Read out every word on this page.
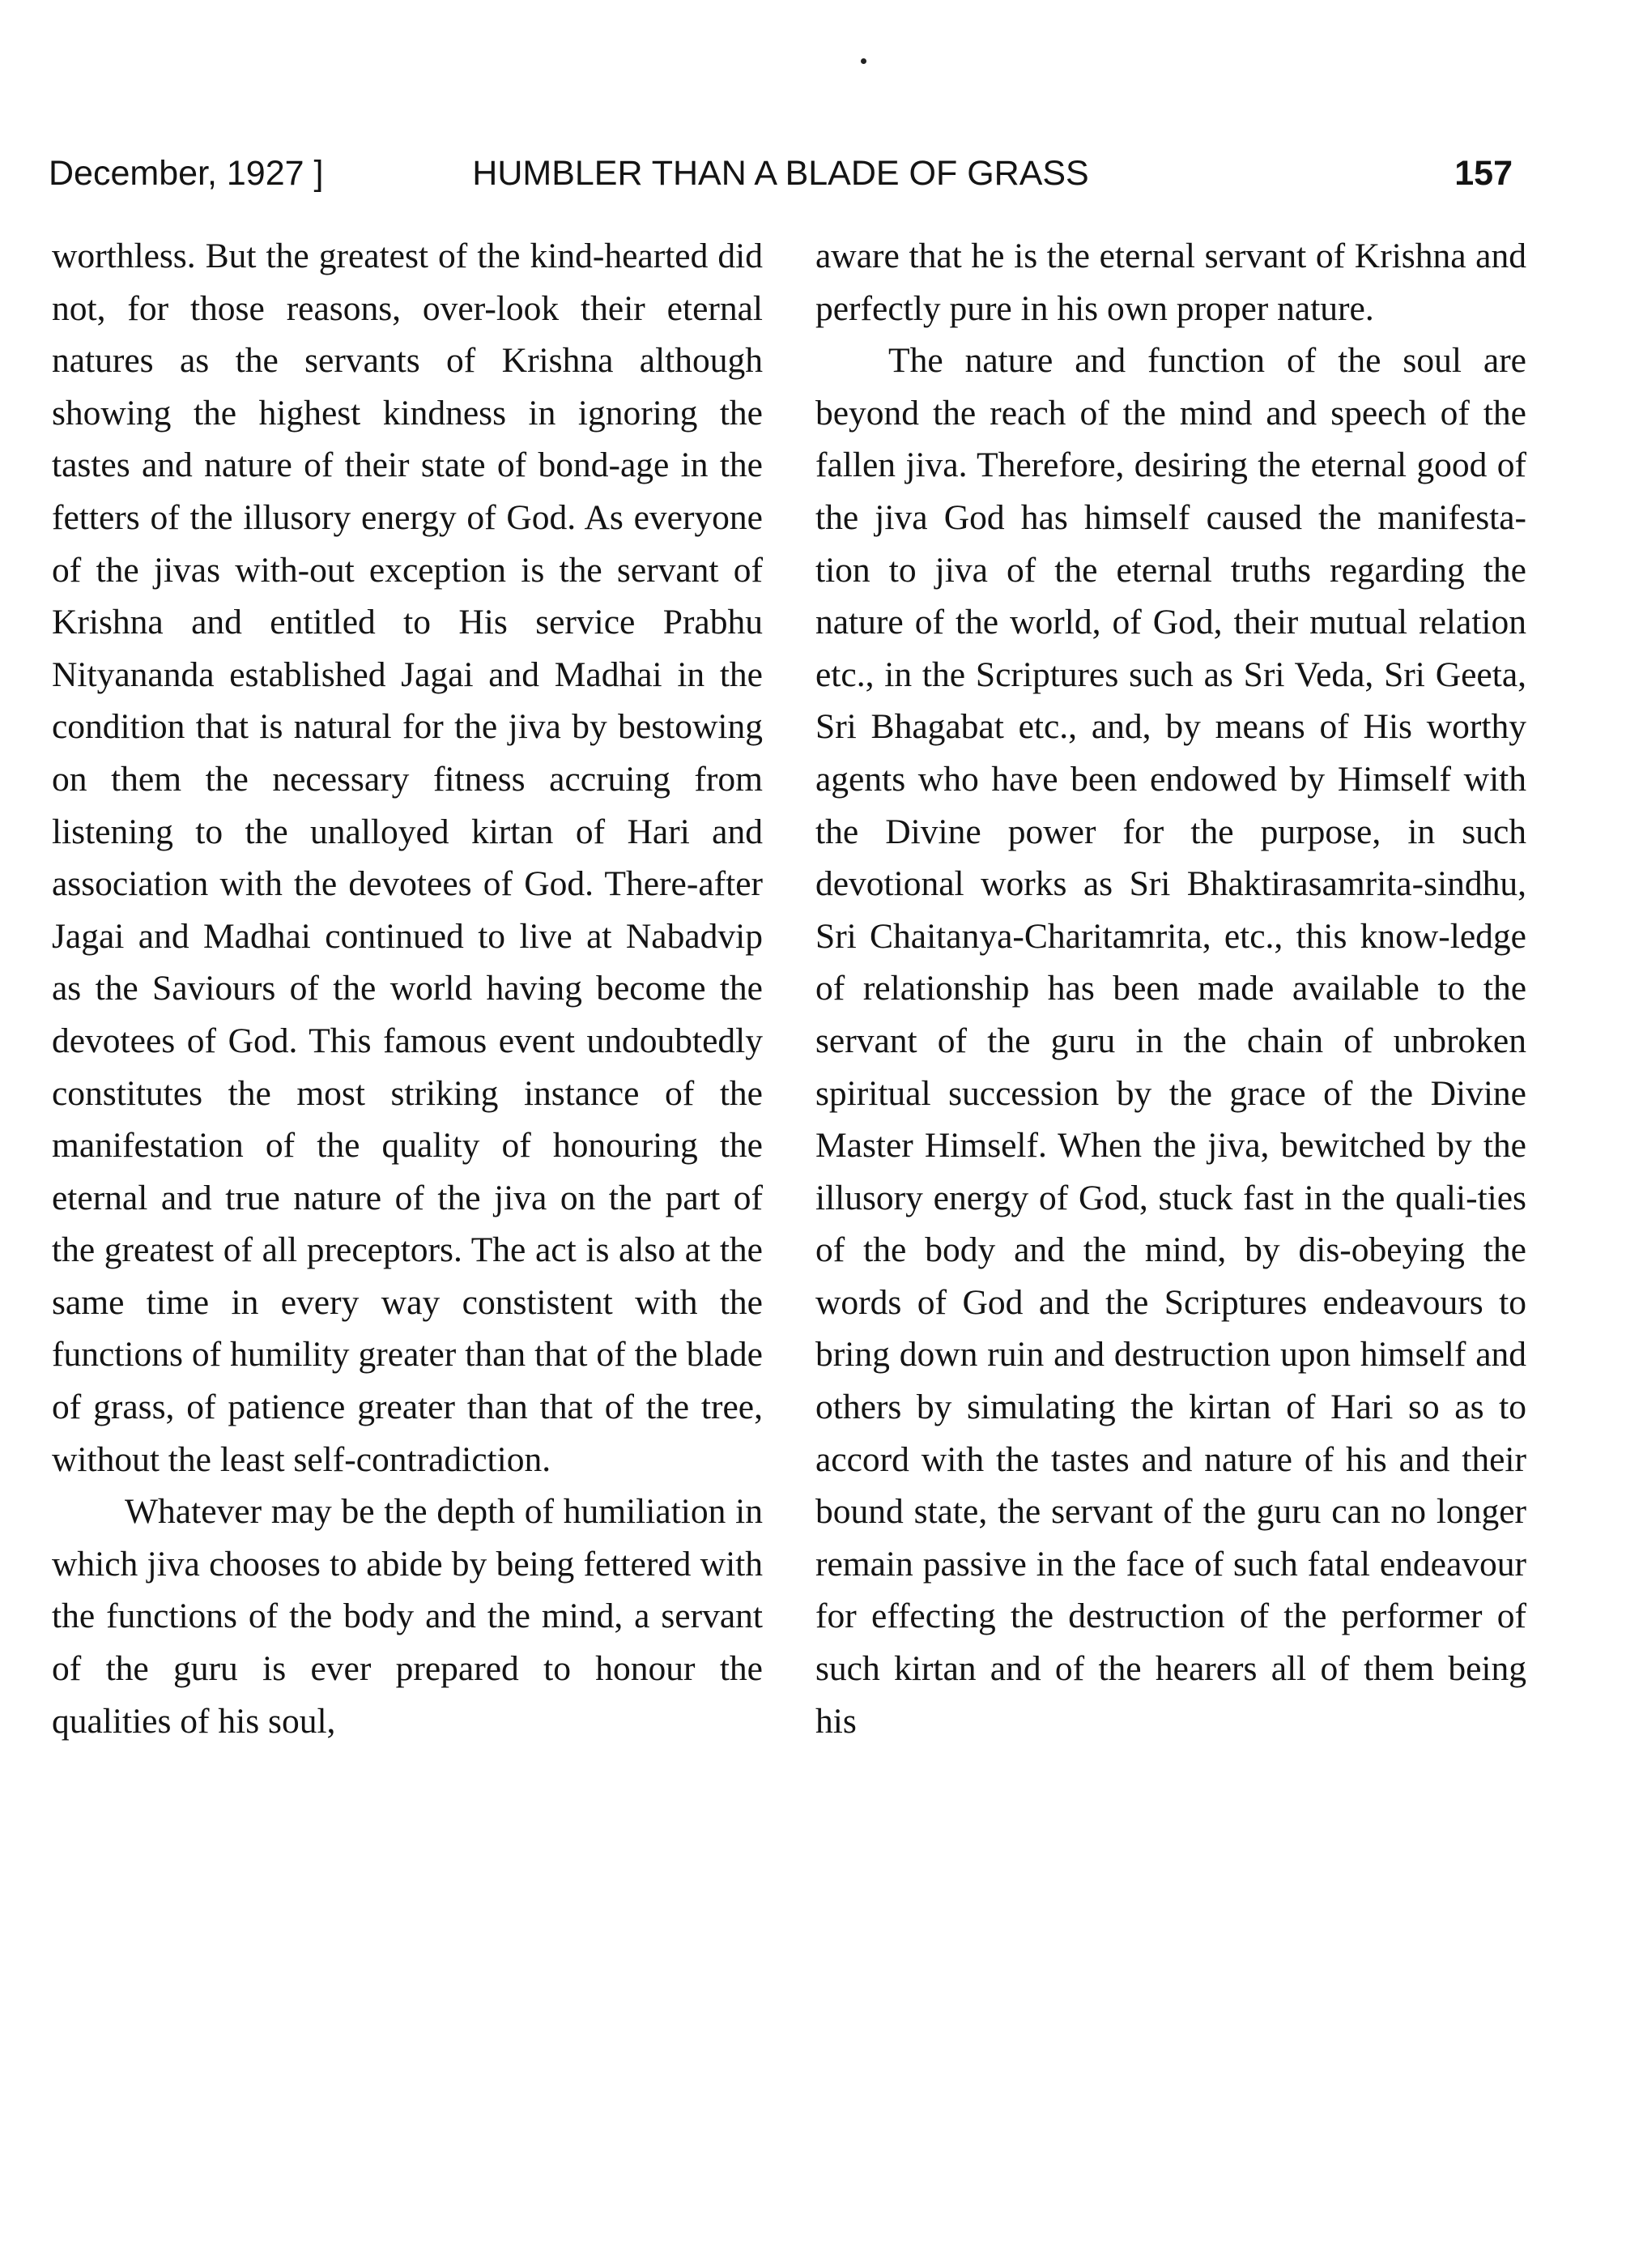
December, 1927 ]	HUMBLER THAN A BLADE OF GRASS	157

worthless. But the greatest of the kind-hearted did not, for those reasons, over-look their eternal natures as the servants of Krishna although showing the highest kindness in ignoring the tastes and nature of their state of bond-age in the fetters of the illusory energy of God. As everyone of the jivas with-out exception is the servant of Krishna and entitled to His service Prabhu Nityananda established Jagai and Madhai in the condition that is natural for the jiva by bestowing on them the necessary fitness accruing from listening to the unalloyed kirtan of Hari and association with the devotees of God. There-after Jagai and Madhai continued to live at Nabadvip as the Saviours of the world having become the devotees of God. This famous event undoubtedly constitutes the most striking instance of the manifestation of the quality of honouring the eternal and true nature of the jiva on the part of the greatest of all preceptors. The act is also at the same time in every way constistent with the functions of humility greater than that of the blade of grass, of patience greater than that of the tree, without the least self-contradiction.

Whatever may be the depth of humiliation in which jiva chooses to abide by being fettered with the functions of the body and the mind, a servant of the guru is ever prepared to honour the qualities of his soul,

aware that he is the eternal servant of Krishna and perfectly pure in his own proper nature.

The nature and function of the soul are beyond the reach of the mind and speech of the fallen jiva. Therefore, desiring the eternal good of the jiva God has himself caused the manifesta-tion to jiva of the eternal truths regarding the nature of the world, of God, their mutual relation etc., in the Scriptures such as Sri Veda, Sri Geeta, Sri Bhagabat etc., and, by means of His worthy agents who have been endowed by Himself with the Divine power for the purpose, in such devotional works as Sri Bhaktirasamrita-sindhu, Sri Chaitanya-Charitamrita, etc., this know-ledge of relationship has been made available to the servant of the guru in the chain of unbroken spiritual succession by the grace of the Divine Master Himself. When the jiva, bewitched by the illusory energy of God, stuck fast in the quali-ties of the body and the mind, by dis-obeying the words of God and the Scriptures endeavours to bring down ruin and destruction upon himself and others by simulating the kirtan of Hari so as to accord with the tastes and nature of his and their bound state, the servant of the guru can no longer remain passive in the face of such fatal endeavour for effecting the destruction of the performer of such kirtan and of the hearers all of them being his
